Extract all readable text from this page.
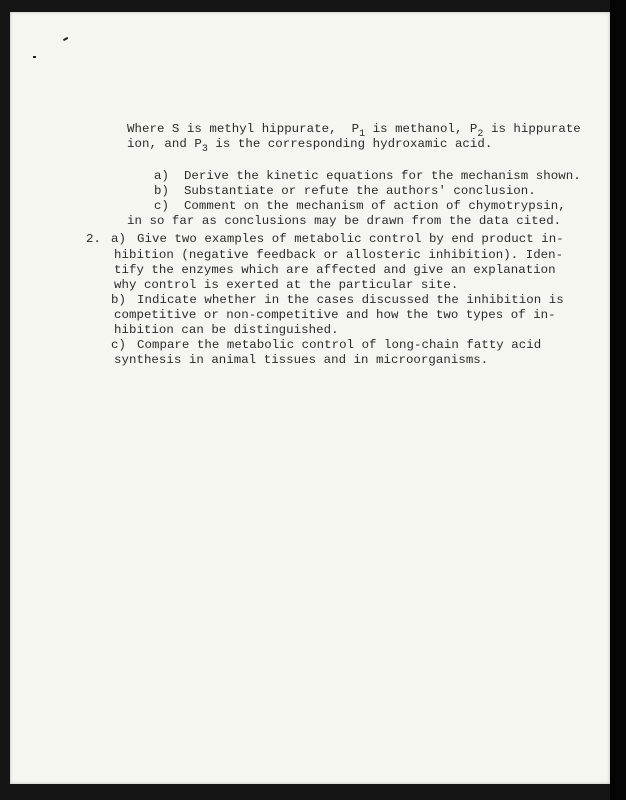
Where S is methyl hippurate,  $P_1$ is methanol, $P_2$ is hippurate
ion, and $P_3$ is the corresponding hydroxamic acid.
a)  Derive the kinetic equations for the mechanism shown.
b)  Substantiate or refute the authors' conclusion.
c)  Comment on the mechanism of action of chymotrypsin,
in so far as conclusions may be drawn from the data cited.
2. a) Give two examples of metabolic control by end product in-
hibition (negative feedback or allosteric inhibition). Iden-
tify the enzymes which are affected and give an explanation
why control is exerted at the particular site.
b) Indicate whether in the cases discussed the inhibition is
competitive or non-competitive and how the two types of in-
hibition can be distinguished.
c) Compare the metabolic control of long-chain fatty acid
synthesis in animal tissues and in microorganisms.
